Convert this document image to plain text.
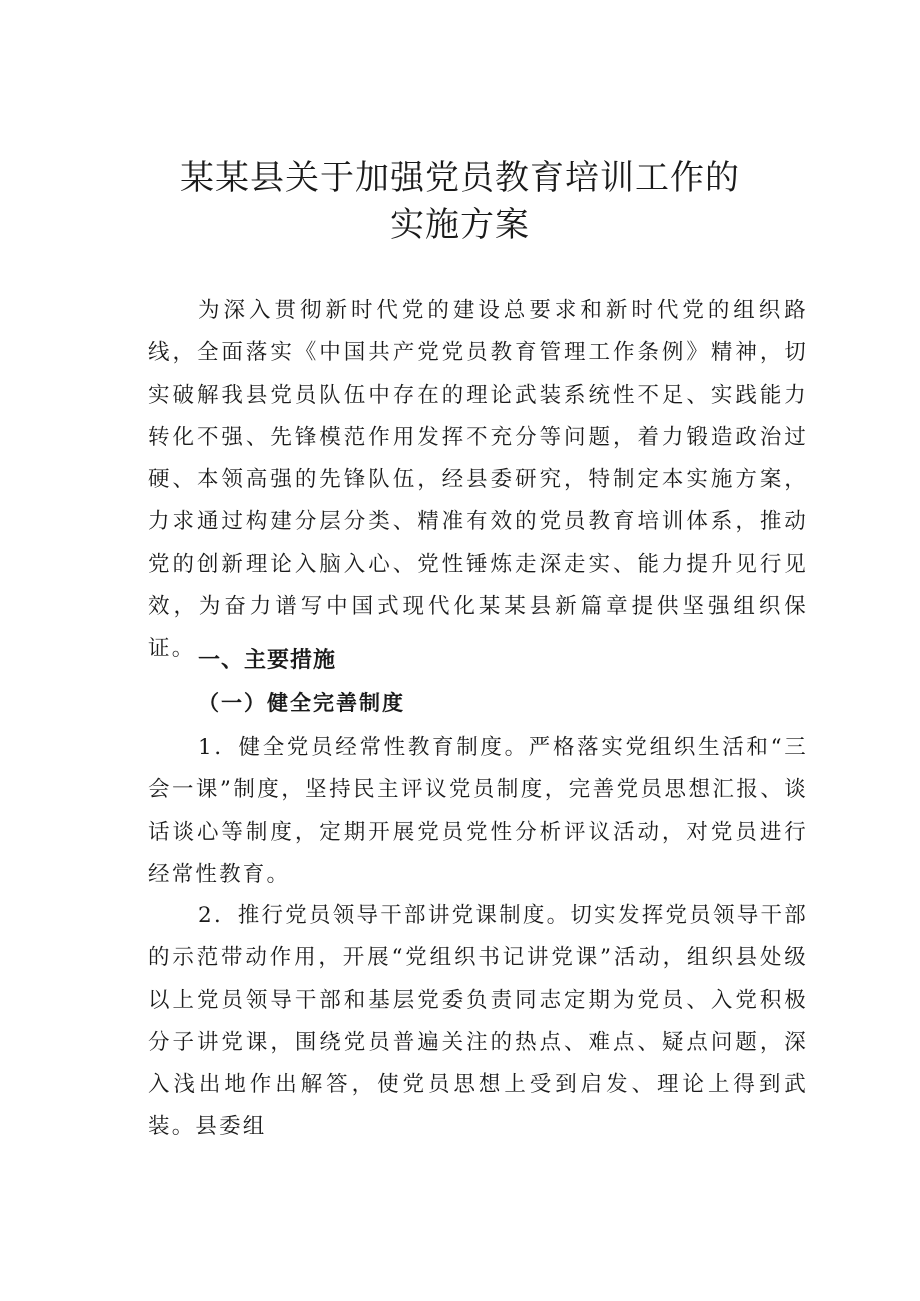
某某县关于加强党员教育培训工作的
实施方案

为深入贯彻新时代党的建设总要求和新时代党的组织路线，全面落实《中国共产党党员教育管理工作条例》精神，切实破解我县党员队伍中存在的理论武装系统性不足、实践能力转化不强、先锋模范作用发挥不充分等问题，着力锻造政治过硬、本领高强的先锋队伍，经县委研究，特制定本实施方案，力求通过构建分层分类、精准有效的党员教育培训体系，推动党的创新理论入脑入心、党性锤炼走深走实、能力提升见行见效，为奋力谱写中国式现代化某某县新篇章提供坚强组织保证。 一、主要措施
（一）健全完善制度

1．健全党员经常性教育制度。严格落实党组织生活和“三会一课”制度，坚持民主评议党员制度，完善党员思想汇报、谈话谈心等制度，定期开展党员党性分析评议活动，对党员进行经常性教育。

2．推行党员领导干部讲党课制度。切实发挥党员领导干部的示范带动作用，开展“党组织书记讲党课”活动，组织县处级以上党员领导干部和基层党委负责同志定期为党员、入党积极分子讲党课，围绕党员普遍关注的热点、难点、疑点问题，深入浅出地作出解答，使党员思想上受到启发、理论上得到武装。县委组
